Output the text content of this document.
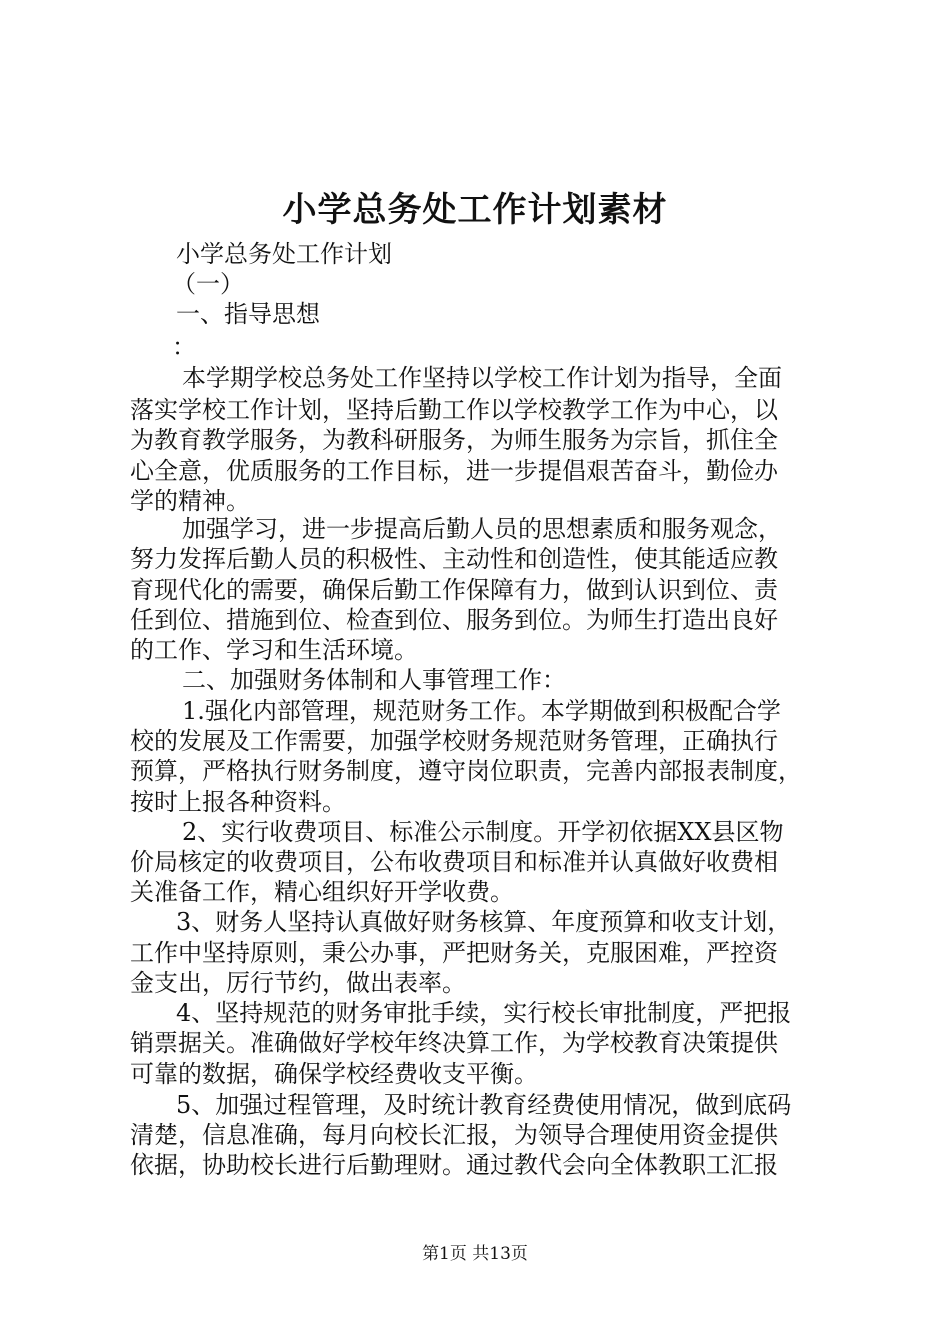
小学总务处工作计划素材
小学总务处工作计划
（一）
一、指导思想
：
本学期学校总务处工作坚持以学校工作计划为指导，全面
落实学校工作计划，坚持后勤工作以学校教学工作为中心，以
为教育教学服务，为教科研服务，为师生服务为宗旨，抓住全
心全意，优质服务的工作目标，进一步提倡艰苦奋斗，勤俭办
学的精神。
加强学习，进一步提高后勤人员的思想素质和服务观念，
努力发挥后勤人员的积极性、主动性和创造性，使其能适应教
育现代化的需要，确保后勤工作保障有力，做到认识到位、责
任到位、措施到位、检查到位、服务到位。为师生打造出良好
的工作、学习和生活环境。
二、加强财务体制和人事管理工作：
1.强化内部管理，规范财务工作。本学期做到积极配合学
校的发展及工作需要，加强学校财务规范财务管理，正确执行
预算，严格执行财务制度，遵守岗位职责，完善内部报表制度，
按时上报各种资料。
2、实行收费项目、标准公示制度。开学初依据XX县区物
价局核定的收费项目，公布收费项目和标准并认真做好收费相
关准备工作，精心组织好开学收费。
3、财务人坚持认真做好财务核算、年度预算和收支计划，
工作中坚持原则，秉公办事，严把财务关，克服困难，严控资
金支出，厉行节约，做出表率。
4、坚持规范的财务审批手续，实行校长审批制度，严把报
销票据关。准确做好学校年终决算工作，为学校教育决策提供
可靠的数据，确保学校经费收支平衡。
5、加强过程管理，及时统计教育经费使用情况，做到底码
清楚，信息准确，每月向校长汇报，为领导合理使用资金提供
依据，协助校长进行后勤理财。通过教代会向全体教职工汇报
第1页 共13页
